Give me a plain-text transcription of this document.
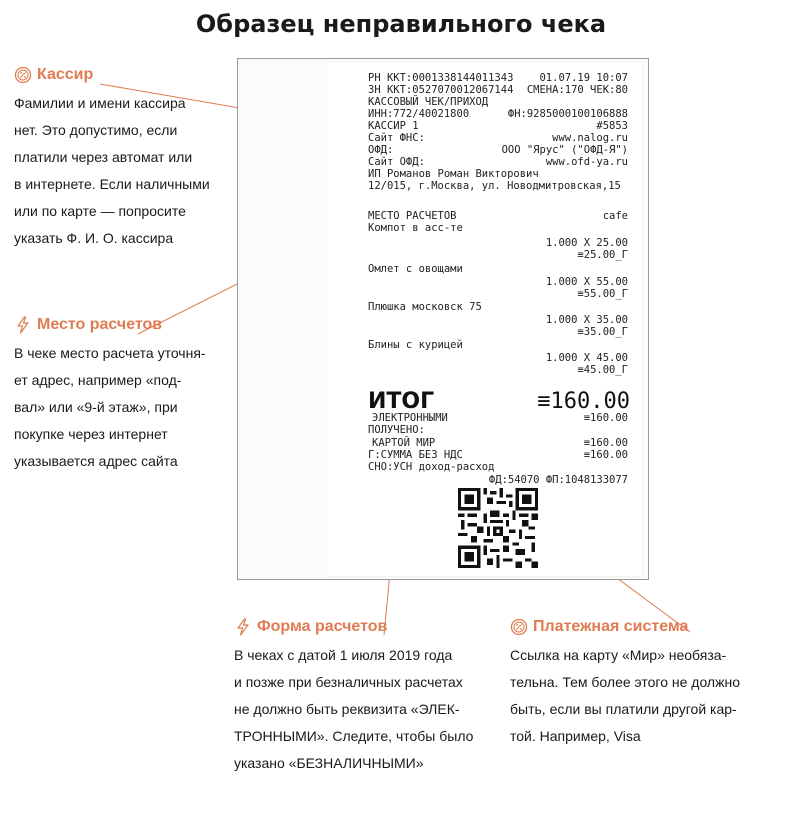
Образец неправильного чека
Кассир

Фамилии и имени кассира
нет. Это допустимо, если
платили через автомат или
в интернете. Если наличными
или по карте — попросите
указать Ф. И. О. кассира

Место расчетов

В чеке место расчета уточня-
ет адрес, например «под-
вал» или «9-й этаж», при
покупке через интернет
указывается адрес сайта

Форма расчетов

В чеках с датой 1 июля 2019 года
и позже при безналичных расчетах
не должно быть реквизита «ЭЛЕК-
ТРОННЫМИ». Следите, чтобы было
указано «БЕЗНАЛИЧНЫМИ»

Платежная система

Ссылка на карту «Мир» необяза-
тельна. Тем более этого не должно
быть, если вы платили другой кар-
той. Например, Visa

РН ККТ:0001338144011343	01.07.19 10:07
ЗН ККТ:0527070012067144	СМЕНА:170 ЧЕК:80
КАССОВЫЙ ЧЕК/ПРИХОД
ИНН:772/40021800	ФН:9285000100106888
КАССИР 1	#5853
Сайт ФНС:	www.nalog.ru
ОФД:	ООО "Ярус" ("ОФД-Я")
Сайт ОФД:	www.ofd-ya.ru
ИП Романов Роман Викторович
12/015, г.Москва, ул. Новодмитровская,15
МЕСТО РАСЧЕТОВ	cafe
Компот в асс-те
1.000 X 25.00
≡25.00_Г
Омлет с овощами
1.000 X 55.00
≡55.00_Г
Плюшка московск 75
1.000 X 35.00
≡35.00_Г
Блины с курицей
1.000 X 45.00
≡45.00_Г
ИТОГ	≡160.00
ЭЛЕКТРОННЫМИ	≡160.00
ПОЛУЧЕНО:
КАРТОЙ МИР	≡160.00
Г:СУММА БЕЗ НДС	≡160.00
СНО:УСН доход-расход
ФД:54070 ФП:1048133077
